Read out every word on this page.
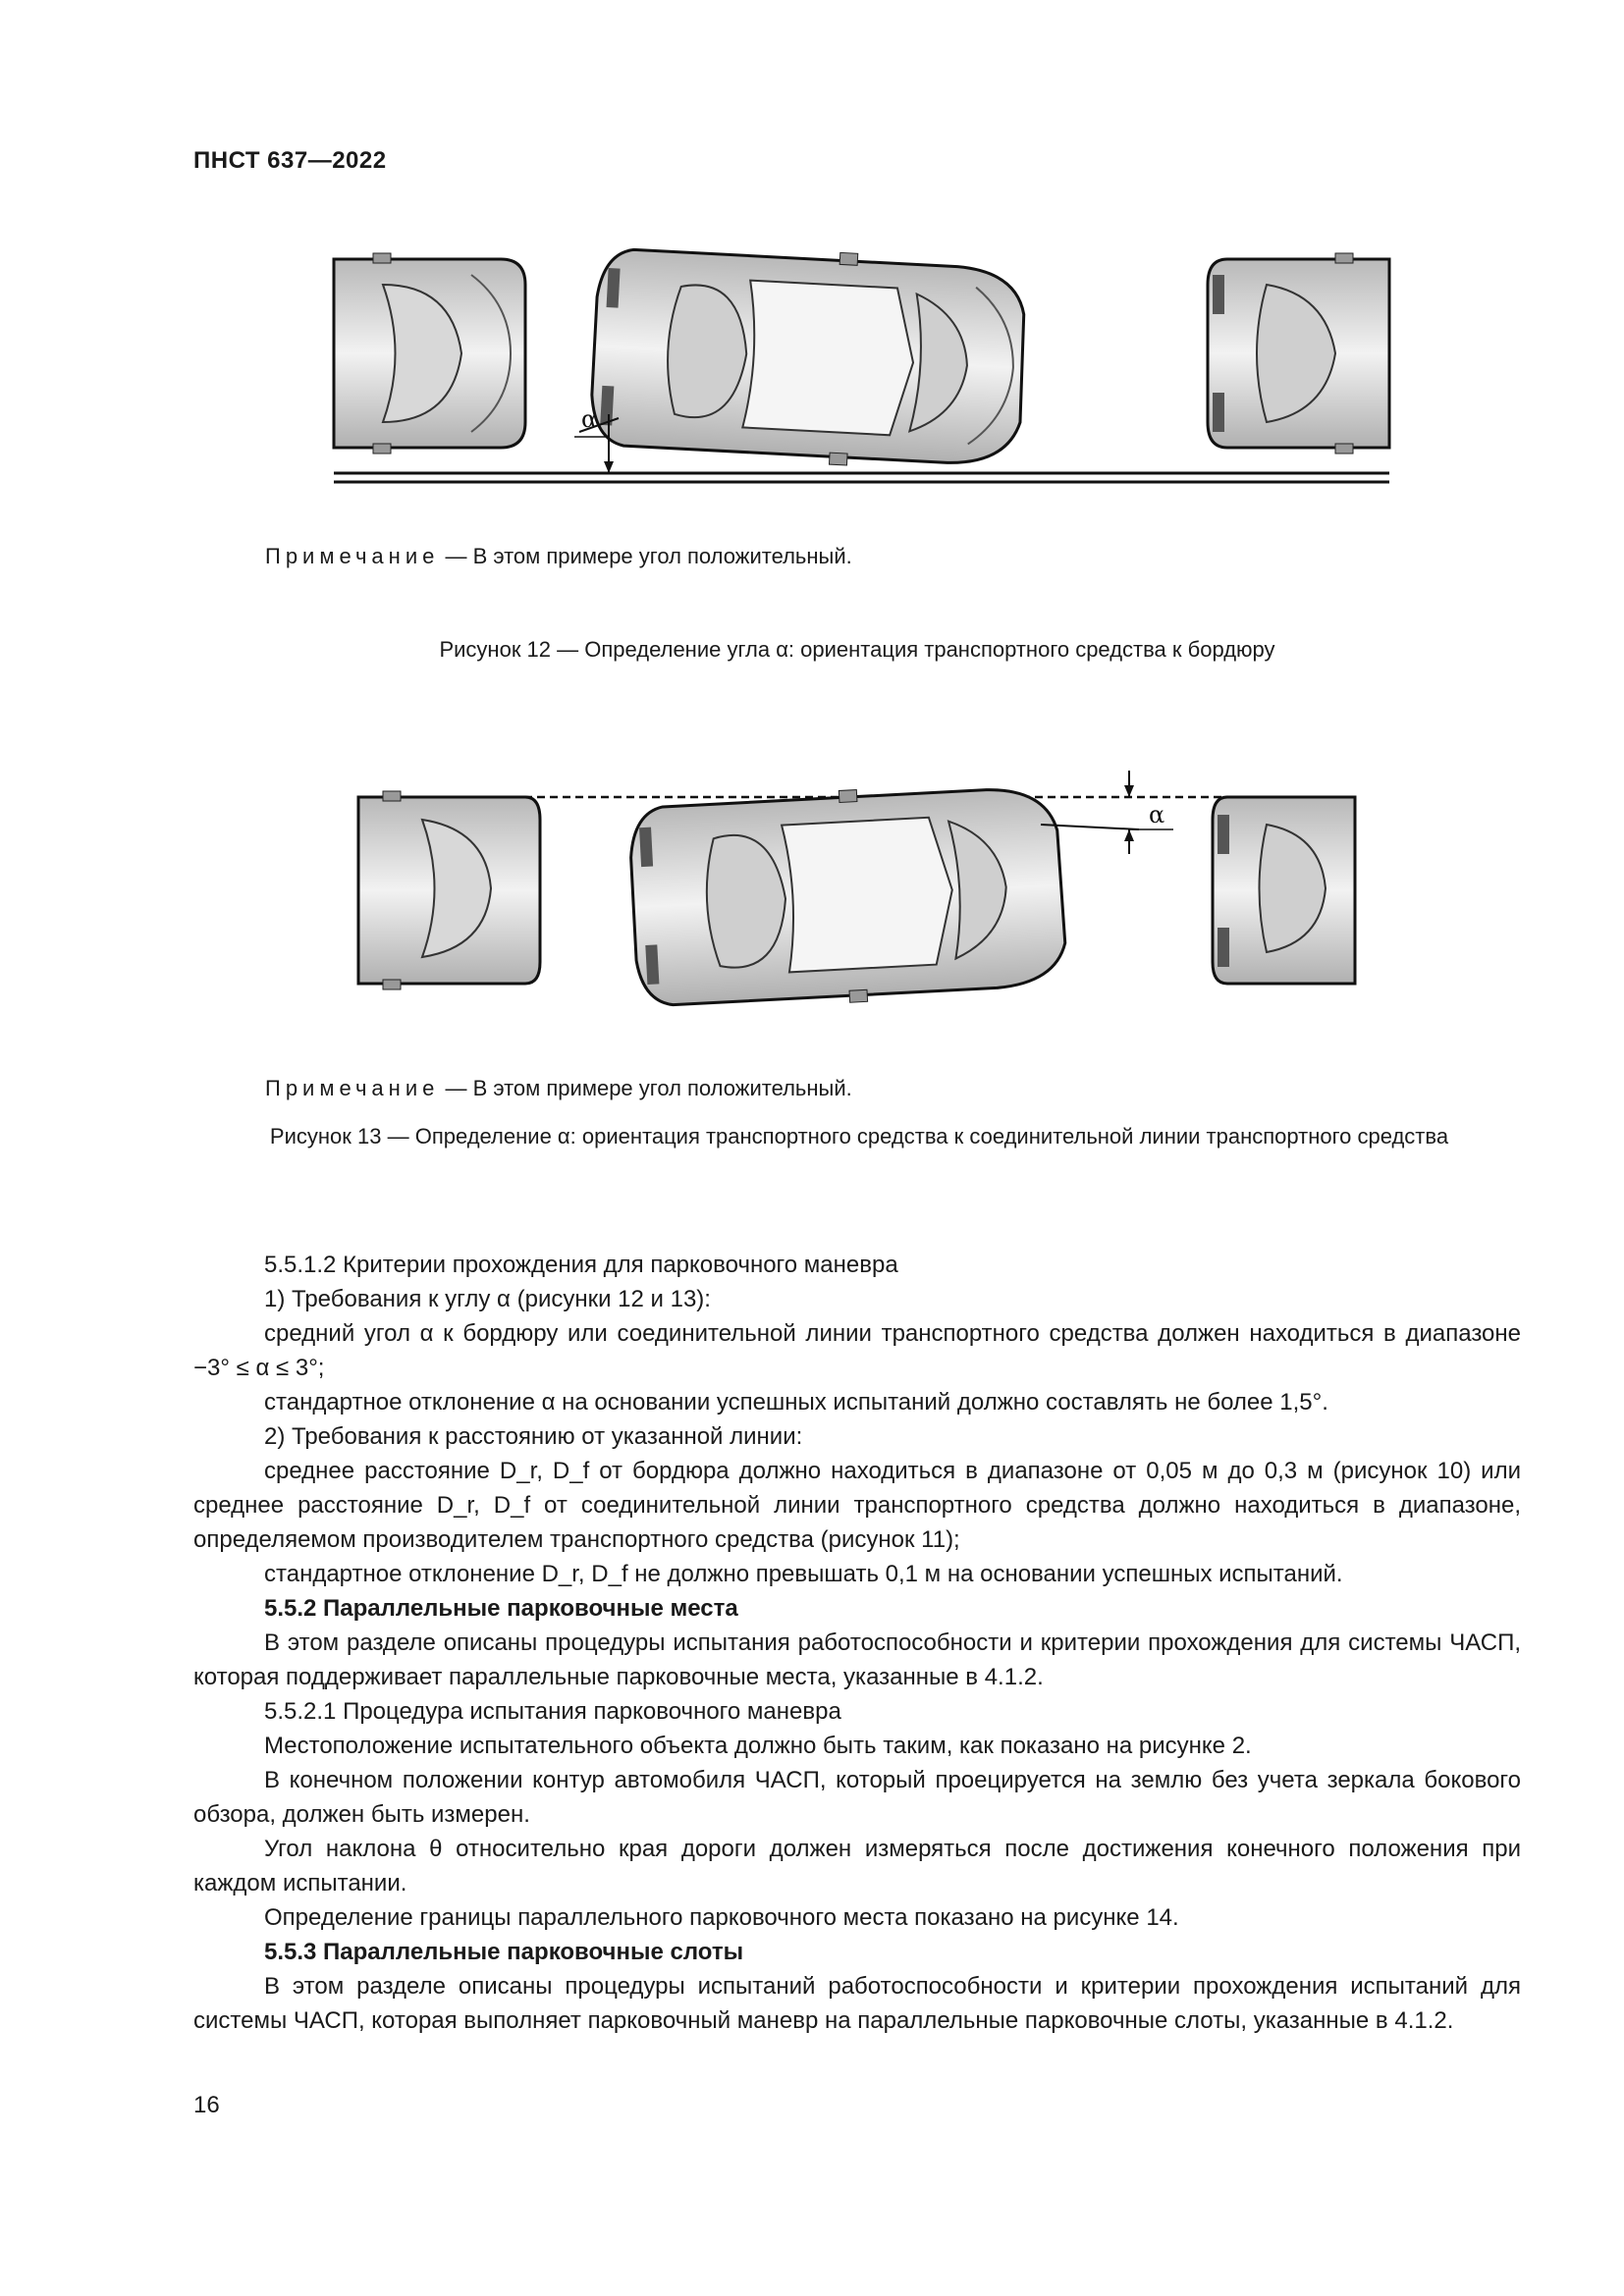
ПНСТ 637—2022
α
Примечание — В этом примере угол положительный.
Рисунок 12 — Определение угла α: ориентация транспортного средства к бордюру
α
Примечание — В этом примере угол положительный.
Рисунок 13 — Определение α: ориентация транспортного средства к соединительной линии транспортного средства

5.5.1.2 Критерии прохождения для парковочного маневра

1) Требования к углу α (рисунки 12 и 13):

средний угол α к бордюру или соединительной линии транспортного средства должен находиться в диапазоне −3° ≤ α ≤ 3°;

стандартное отклонение α на основании успешных испытаний должно составлять не более 1,5°.

2) Требования к расстоянию от указанной линии:

среднее расстояние D_r, D_f от бордюра должно находиться в диапазоне от 0,05 м до 0,3 м (рисунок 10) или среднее расстояние D_r, D_f от соединительной линии транспортного средства должно находиться в диапазоне, определяемом производителем транспортного средства (рисунок 11);

стандартное отклонение D_r, D_f не должно превышать 0,1 м на основании успешных испытаний.

5.5.2 Параллельные парковочные места

В этом разделе описаны процедуры испытания работоспособности и критерии прохождения для системы ЧАСП, которая поддерживает параллельные парковочные места, указанные в 4.1.2.

5.5.2.1 Процедура испытания парковочного маневра

Местоположение испытательного объекта должно быть таким, как показано на рисунке 2.

В конечном положении контур автомобиля ЧАСП, который проецируется на землю без учета зеркала бокового обзора, должен быть измерен.

Угол наклона θ относительно края дороги должен измеряться после достижения конечного положения при каждом испытании.

Определение границы параллельного парковочного места показано на рисунке 14.

5.5.3 Параллельные парковочные слоты

В этом разделе описаны процедуры испытаний работоспособности и критерии прохождения испытаний для системы ЧАСП, которая выполняет парковочный маневр на параллельные парковочные слоты, указанные в 4.1.2.

16
